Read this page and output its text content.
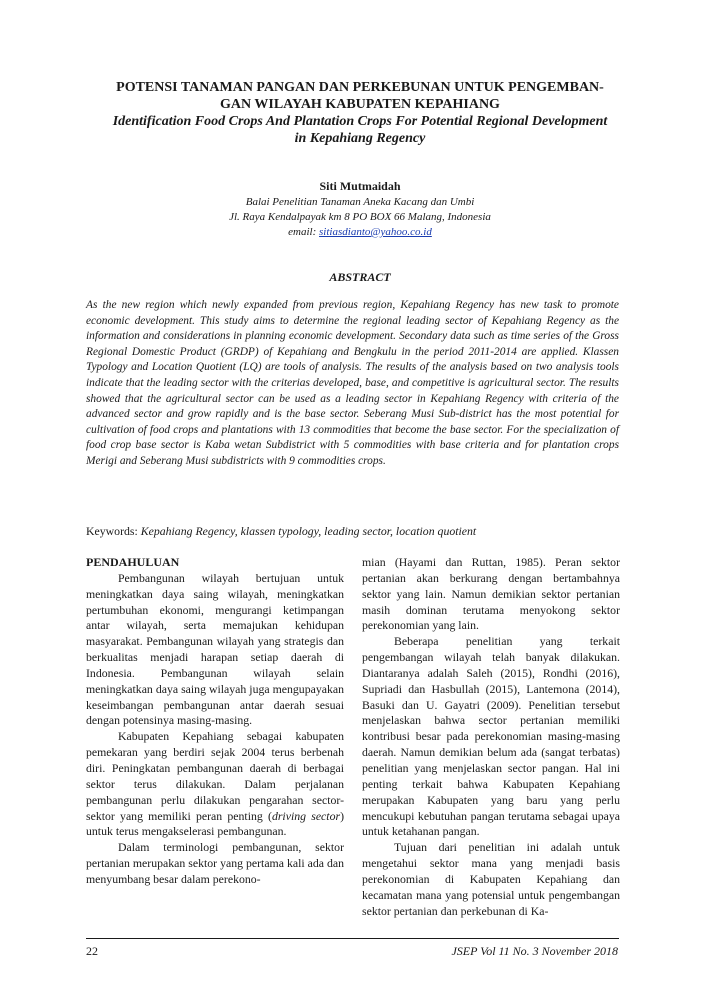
POTENSI TANAMAN PANGAN DAN PERKEBUNAN UNTUK PENGEMBAN-
GAN WILAYAH KABUPATEN KEPAHIANG
Identification Food Crops And Plantation Crops For Potential Regional Development
in Kepahiang Regency
Siti Mutmaidah
Balai Penelitian Tanaman Aneka Kacang dan Umbi
Jl. Raya Kendalpayak km 8 PO BOX 66 Malang, Indonesia
email: sitiasdianto@yahoo.co.id
ABSTRACT

As the new region which newly expanded from previous region, Kepahiang Regency has new task to promote economic development. This study aims to determine the regional leading sector of Kepahiang Regency as the information and considerations in planning economic development. Secondary data such as time series of the Gross Regional Domestic Product (GRDP) of Kepahiang and Bengkulu in the period 2011-2014 are applied. Klassen Typology and Location Quotient (LQ) are tools of analysis. The results of the analysis based on two analysis tools indicate that the leading sector with the criterias developed, base, and competitive is agricultural sector. The results showed that the agricultural sector can be used as a leading sector in Kepahiang Regency with criteria of the advanced sector and grow rapidly and is the base sector. Seberang Musi Sub-district has the most potential for cultivation of food crops and plantations with 13 commodities that become the base sector. For the specialization of food crop base sector is Kaba wetan Subdistrict with 5 commodities with base criteria and for plantation crops Merigi and Seberang Musi subdistricts with 9 commodities crops.

Keywords: Kepahiang Regency, klassen typology, leading sector, location quotient

PENDAHULUAN

Pembangunan wilayah bertujuan untuk meningkatkan daya saing wilayah, meningkatkan pertumbuhan ekonomi, mengurangi ketimpangan antar wilayah, serta memajukan kehidupan masyarakat. Pembangunan wilayah yang strategis dan berkualitas menjadi harapan setiap daerah di Indonesia. Pembangunan wilayah selain meningkatkan daya saing wilayah juga mengupayakan keseimbangan pembangunan antar daerah sesuai dengan potensinya masing-masing.

Kabupaten Kepahiang sebagai kabupaten pemekaran yang berdiri sejak 2004 terus berbenah diri. Peningkatan pembangunan daerah di berbagai sektor terus dilakukan. Dalam perjalanan pembangunan perlu dilakukan pengarahan sector-sektor yang memiliki peran penting (driving sector) untuk terus mengakselerasi pembangunan.

Dalam terminologi pembangunan, sektor pertanian merupakan sektor yang pertama kali ada dan menyumbang besar dalam perekono-

mian (Hayami dan Ruttan, 1985). Peran sektor pertanian akan berkurang dengan bertambahnya sektor yang lain. Namun demikian sektor pertanian masih dominan terutama menyokong sektor perekonomian yang lain.

Beberapa penelitian yang terkait pengembangan wilayah telah banyak dilakukan. Diantaranya adalah Saleh (2015), Rondhi (2016), Supriadi dan Hasbullah (2015), Lantemona (2014), Basuki dan U. Gayatri (2009). Penelitian tersebut menjelaskan bahwa sector pertanian memiliki kontribusi besar pada perekonomian masing-masing daerah. Namun demikian belum ada (sangat terbatas) penelitian yang menjelaskan sector pangan. Hal ini penting terkait bahwa Kabupaten Kepahiang merupakan Kabupaten yang baru yang perlu mencukupi kebutuhan pangan terutama sebagai upaya untuk ketahanan pangan.

Tujuan dari penelitian ini adalah untuk mengetahui sektor mana yang menjadi basis perekonomian di Kabupaten Kepahiang dan kecamatan mana yang potensial untuk pengembangan sektor pertanian dan perkebunan di Ka-

22	JSEP Vol 11 No. 3 November 2018
